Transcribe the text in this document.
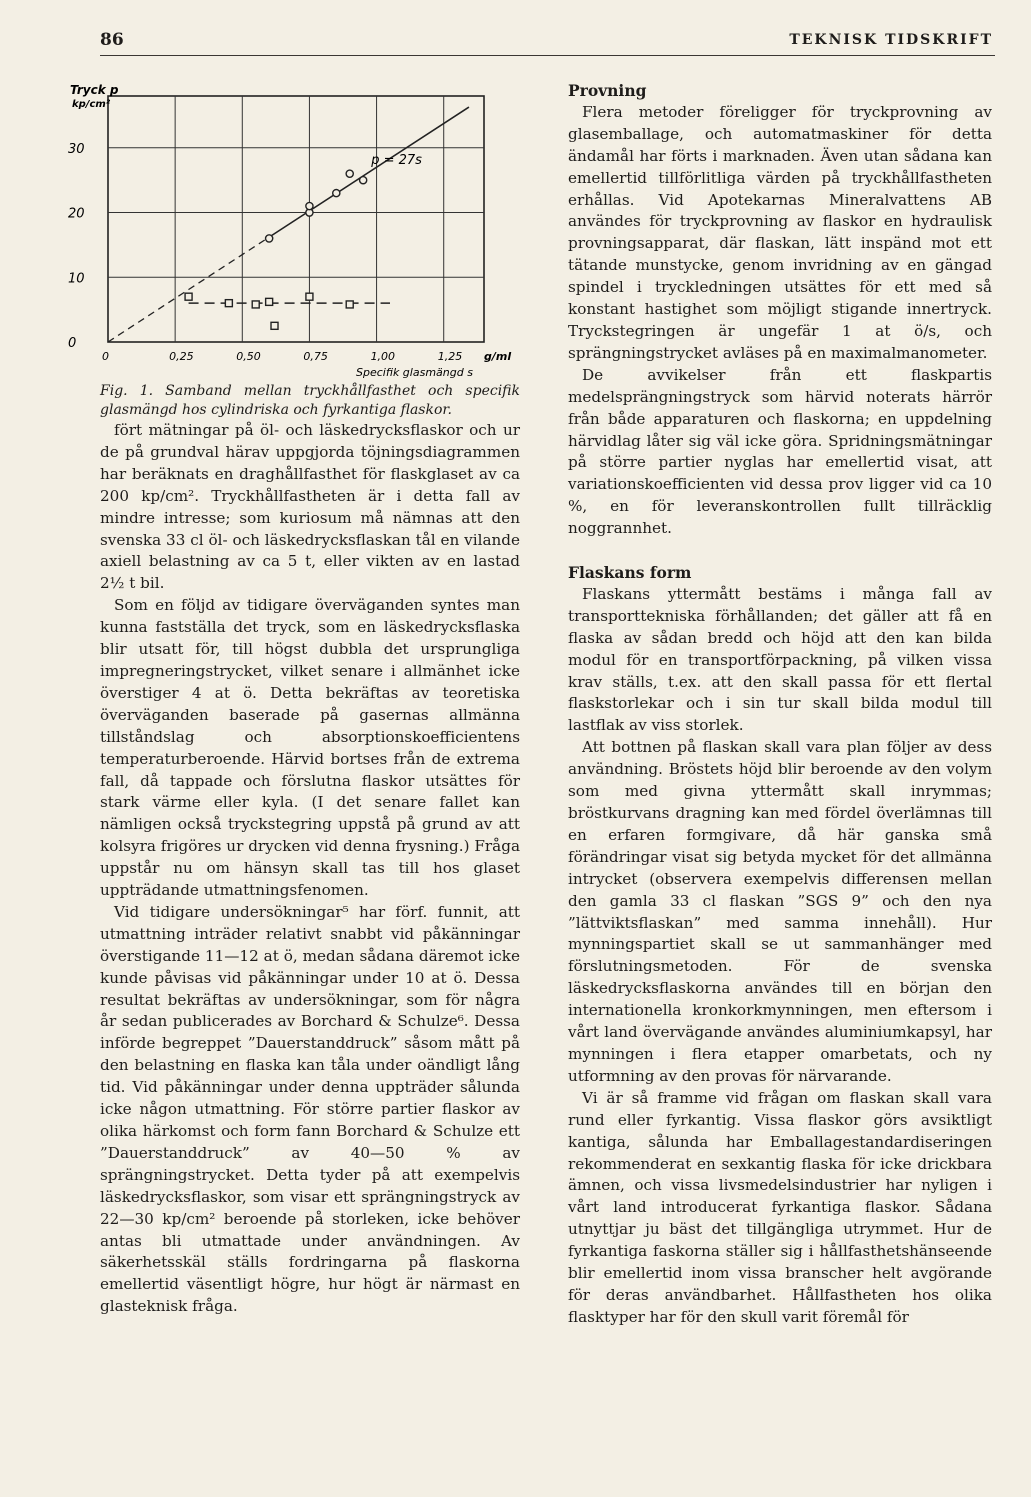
86	TEKNISK TIDSKRIFT
0
10
20
30
0	0,25	0,50	0,75	1,00	1,25
Tryck p
kp/cm²
g/ml
Specifik glasmängd s
p = 27s

Fig. 1. Samband mellan tryckhållfasthet och specifik glasmängd hos cylindriska och fyrkantiga flaskor.

fört mätningar på öl- och läskedrycksflaskor och ur de på grundval härav uppgjorda töjningsdiagrammen har beräknats en draghållfasthet för flaskglaset av ca 200 kp/cm². Tryckhållfastheten är i detta fall av mindre intresse; som kuriosum må nämnas att den svenska 33 cl öl- och läskedrycksflaskan tål en vilande axiell belastning av ca 5 t, eller vikten av en lastad 2½ t bil.

Som en följd av tidigare överväganden syntes man kunna fastställa det tryck, som en läskedrycksflaska blir utsatt för, till högst dubbla det ursprungliga impregneringstrycket, vilket senare i allmänhet icke överstiger 4 at ö. Detta bekräftas av teoretiska överväganden baserade på gasernas allmänna tillståndslag och absorptionskoefficientens temperaturberoende. Härvid bortses från de extrema fall, då tappade och förslutna flaskor utsättes för stark värme eller kyla. (I det senare fallet kan nämligen också tryckstegring uppstå på grund av att kolsyra frigöres ur drycken vid denna frysning.) Fråga uppstår nu om hänsyn skall tas till hos glaset uppträdande utmattningsfenomen.

Vid tidigare undersökningar⁵ har förf. funnit, att utmattning inträder relativt snabbt vid påkänningar överstigande 11—12 at ö, medan sådana däremot icke kunde påvisas vid påkänningar under 10 at ö. Dessa resultat bekräftas av undersökningar, som för några år sedan publicerades av Borchard & Schulze⁶. Dessa införde begreppet ”Dauerstanddruck” såsom mått på den belastning en flaska kan tåla under oändligt lång tid. Vid påkänningar under denna uppträder sålunda icke någon utmattning. För större partier flaskor av olika härkomst och form fann Borchard & Schulze ett ”Dauerstanddruck” av 40—50 % av sprängningstrycket. Detta tyder på att exempelvis läskedrycksflaskor, som visar ett sprängningstryck av 22—30 kp/cm² beroende på storleken, icke behöver antas bli utmattade under användningen. Av säkerhetsskäl ställs fordringarna på flaskorna emellertid väsentligt högre, hur högt är närmast en glasteknisk fråga.

Provning

Flera metoder föreligger för tryckprovning av glasemballage, och automatmaskiner för detta ändamål har förts i marknaden. Även utan sådana kan emellertid tillförlitliga värden på tryckhållfastheten erhållas. Vid Apotekarnas Mineralvattens AB användes för tryckprovning av flaskor en hydraulisk provningsapparat, där flaskan, lätt inspänd mot ett tätande munstycke, genom invridning av en gängad spindel i tryckledningen utsättes för ett med så konstant hastighet som möjligt stigande innertryck. Tryckstegringen är ungefär 1 at ö/s, och sprängningstrycket avläses på en maximalmanometer.

De avvikelser från ett flaskpartis medelsprängningstryck som härvid noterats härrör från både apparaturen och flaskorna; en uppdelning härvidlag låter sig väl icke göra. Spridningsmätningar på större partier nyglas har emellertid visat, att variationskoefficienten vid dessa prov ligger vid ca 10 %, en för leveranskontrollen fullt tillräcklig noggrannhet.

Flaskans form

Flaskans yttermått bestäms i många fall av transporttekniska förhållanden; det gäller att få en flaska av sådan bredd och höjd att den kan bilda modul för en transportförpackning, på vilken vissa krav ställs, t.ex. att den skall passa för ett flertal flaskstorlekar och i sin tur skall bilda modul till lastflak av viss storlek.

Att bottnen på flaskan skall vara plan följer av dess användning. Bröstets höjd blir beroende av den volym som med givna yttermått skall inrymmas; bröstkurvans dragning kan med fördel överlämnas till en erfaren formgivare, då här ganska små förändringar visat sig betyda mycket för det allmänna intrycket (observera exempelvis differensen mellan den gamla 33 cl flaskan ”SGS 9” och den nya ”lättviktsflaskan” med samma innehåll). Hur mynningspartiet skall se ut sammanhänger med förslutningsmetoden. För de svenska läskedrycksflaskorna användes till en början den internationella kronkorkmynningen, men eftersom i vårt land övervägande användes aluminiumkapsyl, har mynningen i flera etapper omarbetats, och ny utformning av den provas för närvarande.

Vi är så framme vid frågan om flaskan skall vara rund eller fyrkantig. Vissa flaskor görs avsiktligt kantiga, sålunda har Emballagestandardiseringen rekommenderat en sexkantig flaska för icke drickbara ämnen, och vissa livsmedelsindustrier har nyligen i vårt land introducerat fyrkantiga flaskor. Sådana utnyttjar ju bäst det tillgängliga utrymmet. Hur de fyrkantiga faskorna ställer sig i hållfasthetshänseende blir emellertid inom vissa branscher helt avgörande för deras användbarhet. Hållfastheten hos olika flasktyper har för den skull varit föremål för
